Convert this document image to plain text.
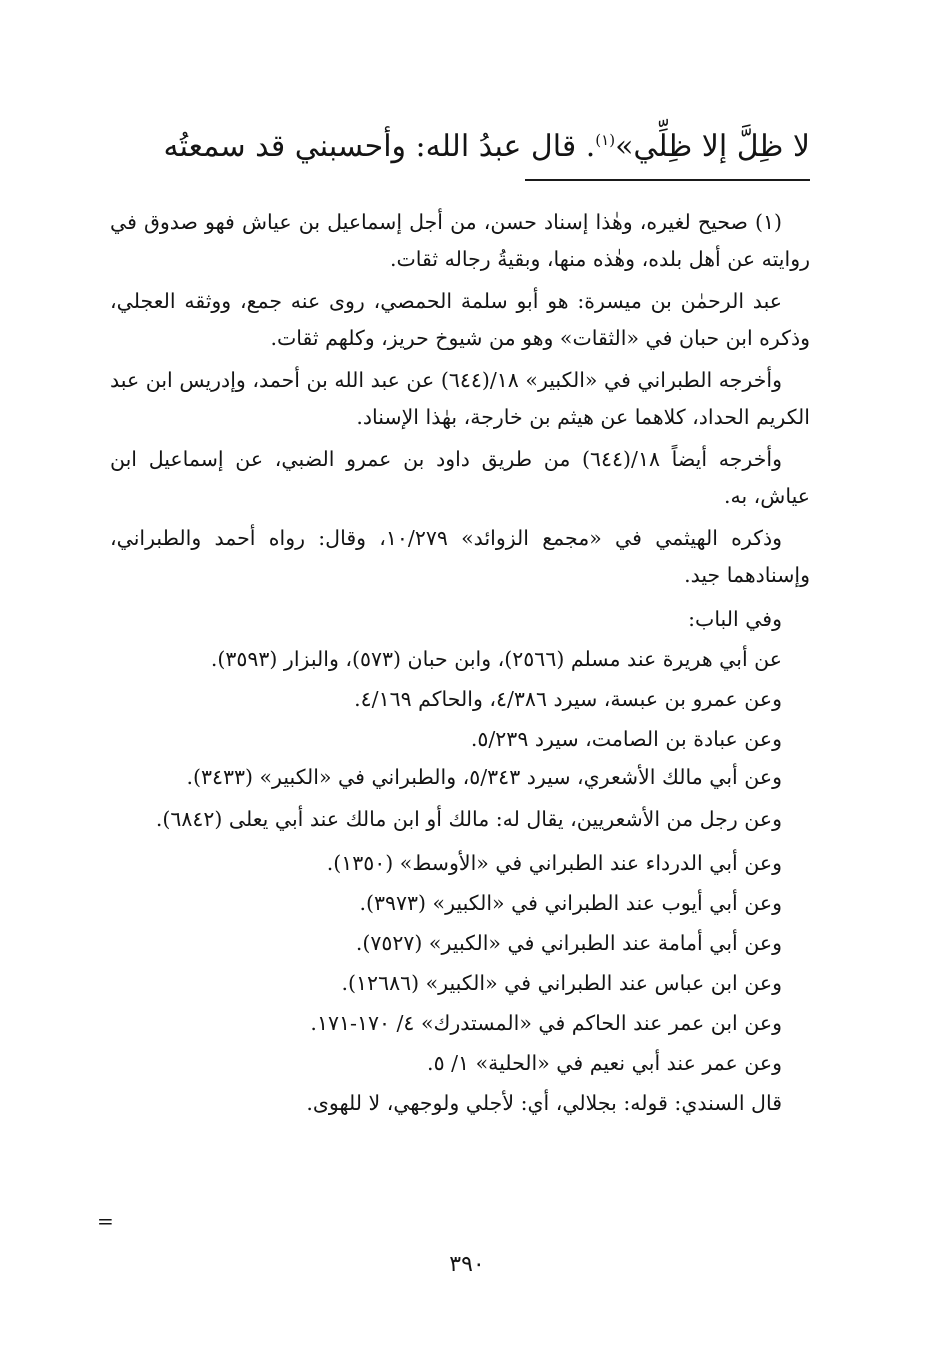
لا ظِلَّ إلا ظِلِّي»$^{(١)}$. قال عبدُ الله: وأحسبني قد سمعتُه

(١) صحيح لغيره، وهٰذا إسناد حسن، من أجل إسماعيل بن عياش فهو صدوق في روايته عن أهل بلده، وهٰذه منها، وبقيةُ رجاله ثقات.

عبد الرحمٰن بن ميسرة: هو أبو سلمة الحمصي، روى عنه جمع، ووثقه العجلي، وذكره ابن حبان في «الثقات» وهو من شيوخ حريز، وكلهم ثقات.

وأخرجه الطبراني في «الكبير» ١٨/(٦٤٤) عن عبد الله بن أحمد، وإدريس ابن عبد الكريم الحداد، كلاهما عن هيثم بن خارجة، بهٰذا الإسناد.

وأخرجه أيضاً ١٨/(٦٤٤) من طريق داود بن عمرو الضبي، عن إسماعيل ابن عياش، به.

وذكره الهيثمي في «مجمع الزوائد» ١٠/٢٧٩، وقال: رواه أحمد والطبراني، وإسنادهما جيد.

وفي الباب:

عن أبي هريرة عند مسلم (٢٥٦٦)، وابن حبان (٥٧٣)، والبزار (٣٥٩٣).

وعن عمرو بن عبسة، سيرد ٤/٣٨٦، والحاكم ٤/١٦٩.

وعن عبادة بن الصامت، سيرد ٥/٢٣٩.

وعن أبي مالك الأشعري، سيرد ٥/٣٤٣، والطبراني في «الكبير» (٣٤٣٣).

وعن رجل من الأشعريين، يقال له: مالك أو ابن مالك عند أبي يعلى (٦٨٤٢).

وعن أبي الدرداء عند الطبراني في «الأوسط» (١٣٥٠).

وعن أبي أيوب عند الطبراني في «الكبير» (٣٩٧٣).

وعن أبي أمامة عند الطبراني في «الكبير» (٧٥٢٧).

وعن ابن عباس عند الطبراني في «الكبير» (١٢٦٨٦).

وعن ابن عمر عند الحاكم في «المستدرك» ٤/ ١٧٠-١٧١.

وعن عمر عند أبي نعيم في «الحلية» ١/ ٥.

قال السندي: قوله: بجلالي، أي: لأجلي ولوجهي، لا للهوى.

=
٣٩٠
